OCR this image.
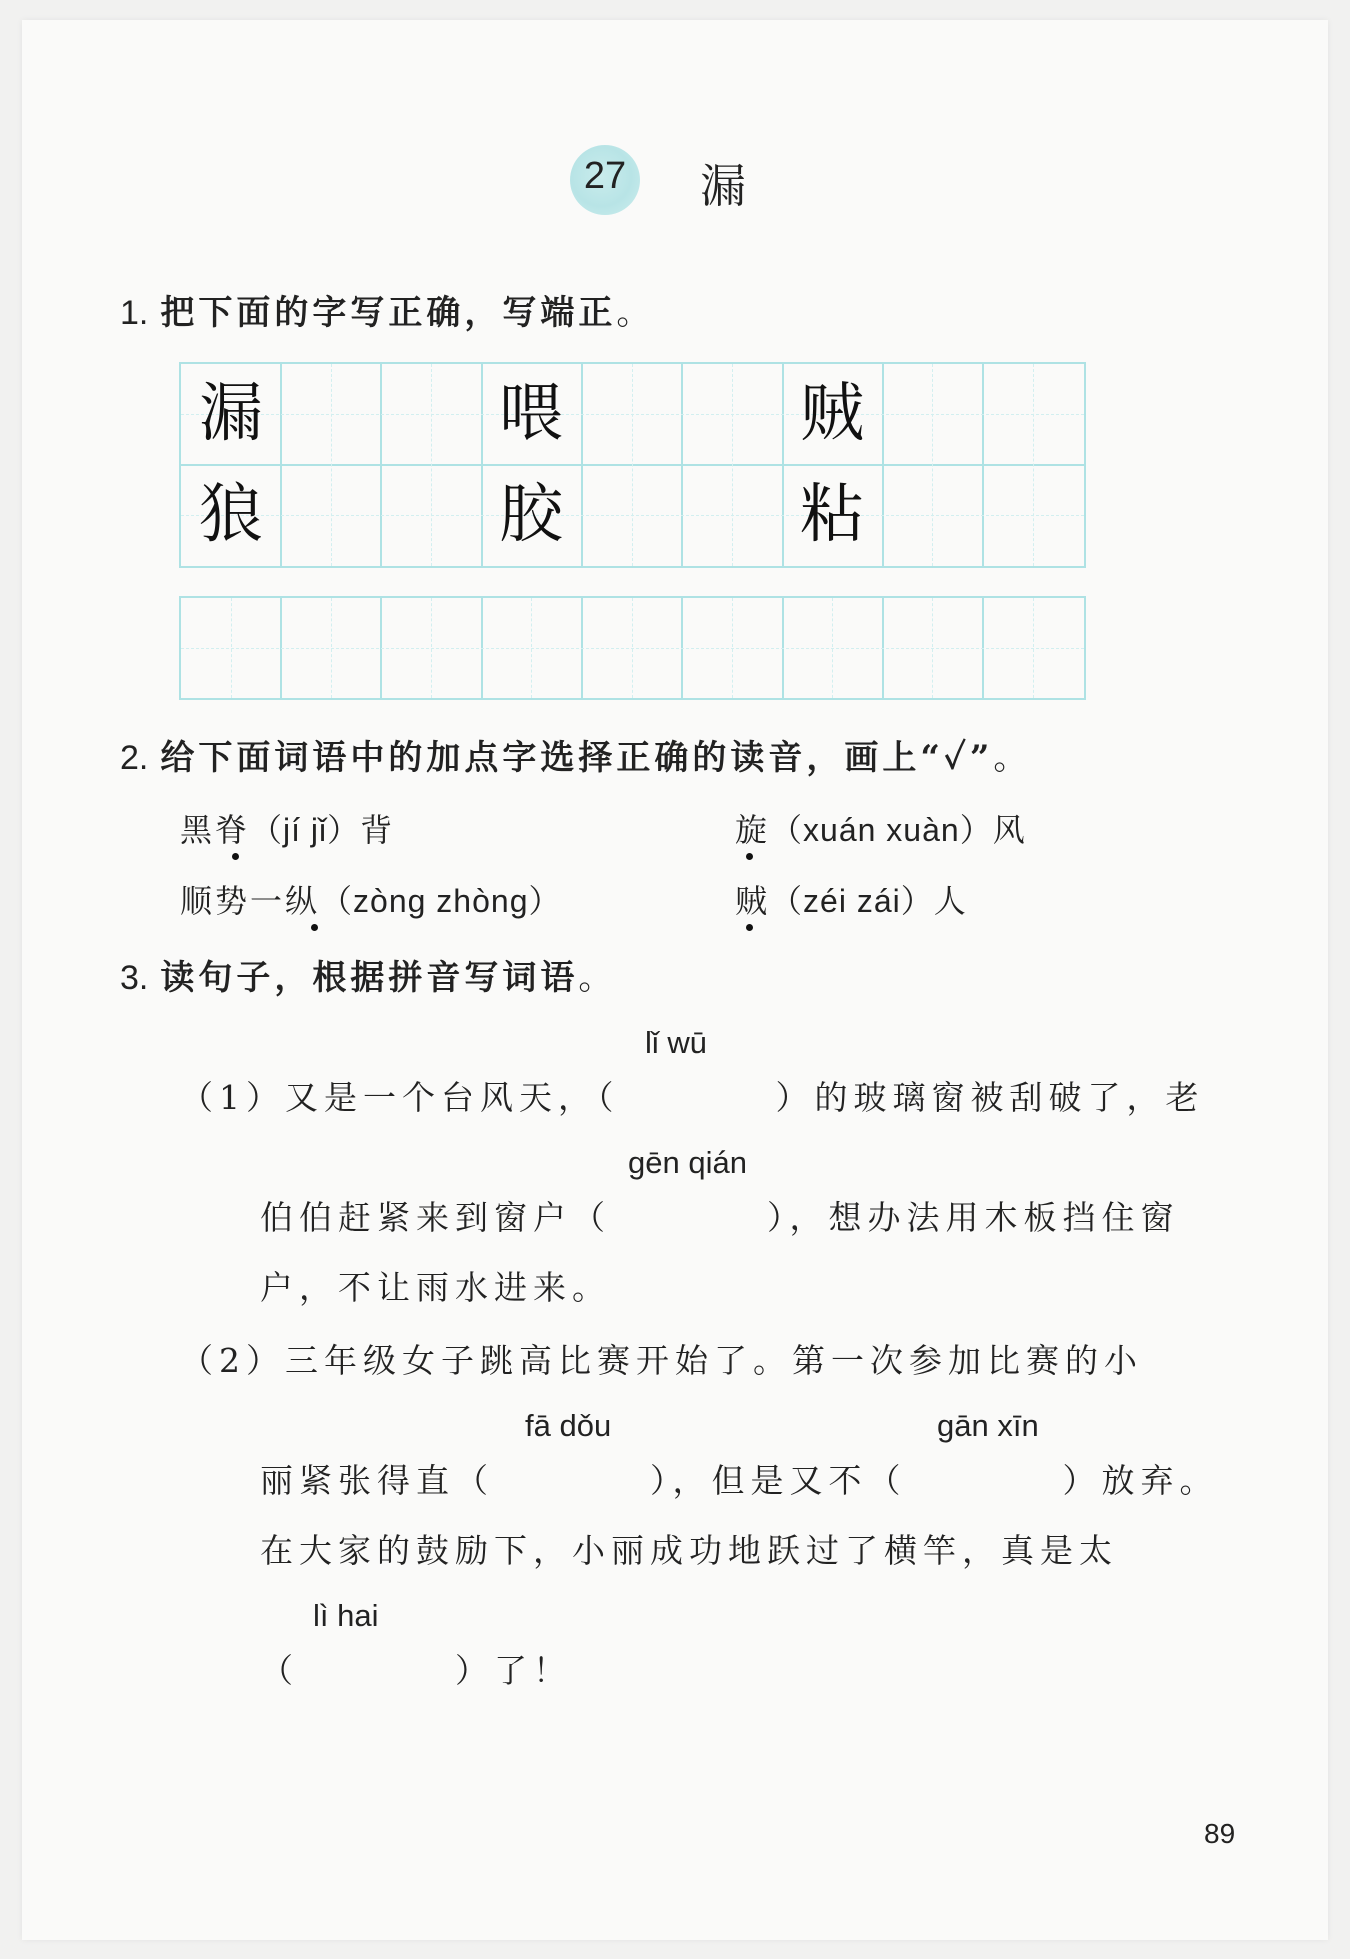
27	漏
1. 把下面的字写正确，写端正。
漏	喂	贼
狼	胶	粘
2. 给下面词语中的加点字选择正确的读音，画上“✓”。
黑脊（jí jǐ）背	旋（xuán xuàn）风
顺势一纵（zòng zhòng）	贼（zéi zái）人
3. 读句子，根据拼音写词语。
lǐ wū
（1）又是一个台风天，（　　　　）的玻璃窗被刮破了，老
gēn qián
伯伯赶紧来到窗户（　　　　），想办法用木板挡住窗
户，不让雨水进来。
（2）三年级女子跳高比赛开始了。第一次参加比赛的小
fā dǒu	gān xīn
丽紧张得直（　　　　），但是又不（　　　　）放弃。
在大家的鼓励下，小丽成功地跃过了横竿，真是太
lì hai
（　　　　）了！
89
